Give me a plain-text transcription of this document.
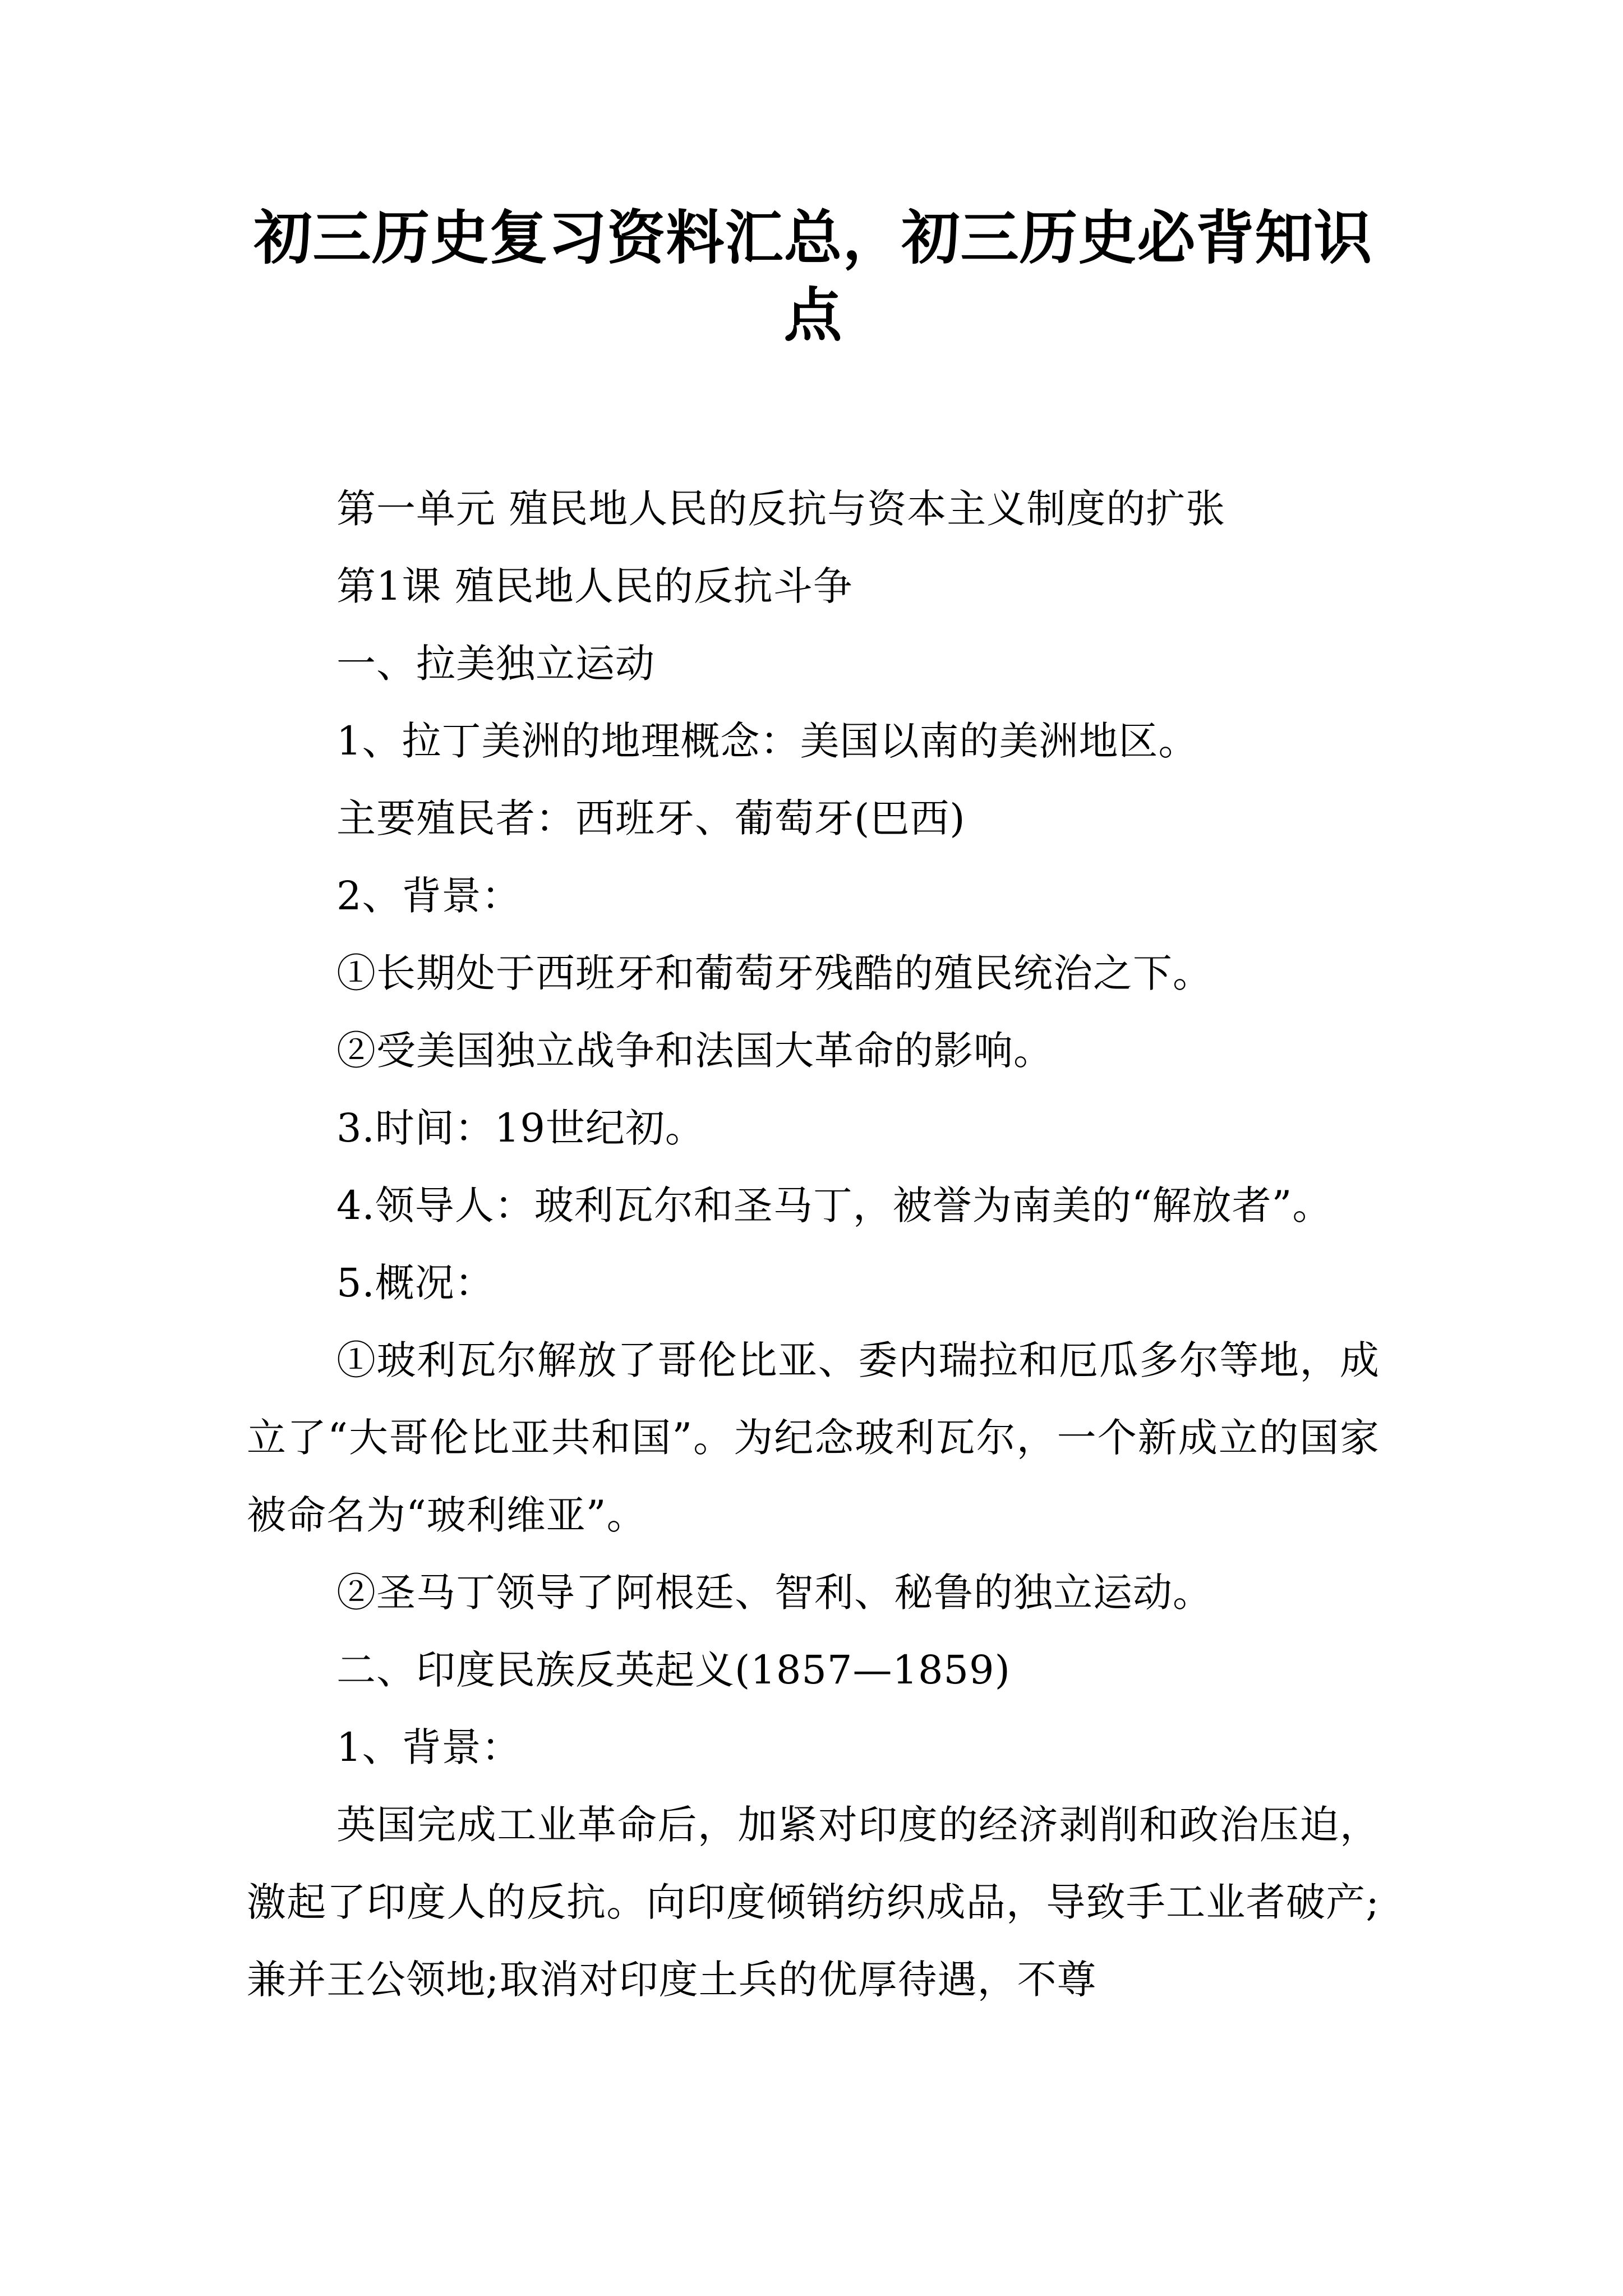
初三历史复习资料汇总，初三历史必背知识点

第一单元 殖民地人民的反抗与资本主义制度的扩张

第1课 殖民地人民的反抗斗争

一、拉美独立运动

1、拉丁美洲的地理概念：美国以南的美洲地区。

主要殖民者：西班牙、葡萄牙(巴西)

2、背景：

①长期处于西班牙和葡萄牙残酷的殖民统治之下。

②受美国独立战争和法国大革命的影响。

3.时间：19世纪初。

4.领导人：玻利瓦尔和圣马丁，被誉为南美的“解放者”。

5.概况：

①玻利瓦尔解放了哥伦比亚、委内瑞拉和厄瓜多尔等地，成立了“大哥伦比亚共和国”。为纪念玻利瓦尔，一个新成立的国家被命名为“玻利维亚”。

②圣马丁领导了阿根廷、智利、秘鲁的独立运动。

二、印度民族反英起义(1857—1859)

1、背景：

英国完成工业革命后，加紧对印度的经济剥削和政治压迫，激起了印度人的反抗。向印度倾销纺织成品，导致手工业者破产;兼并王公领地;取消对印度土兵的优厚待遇，不尊
